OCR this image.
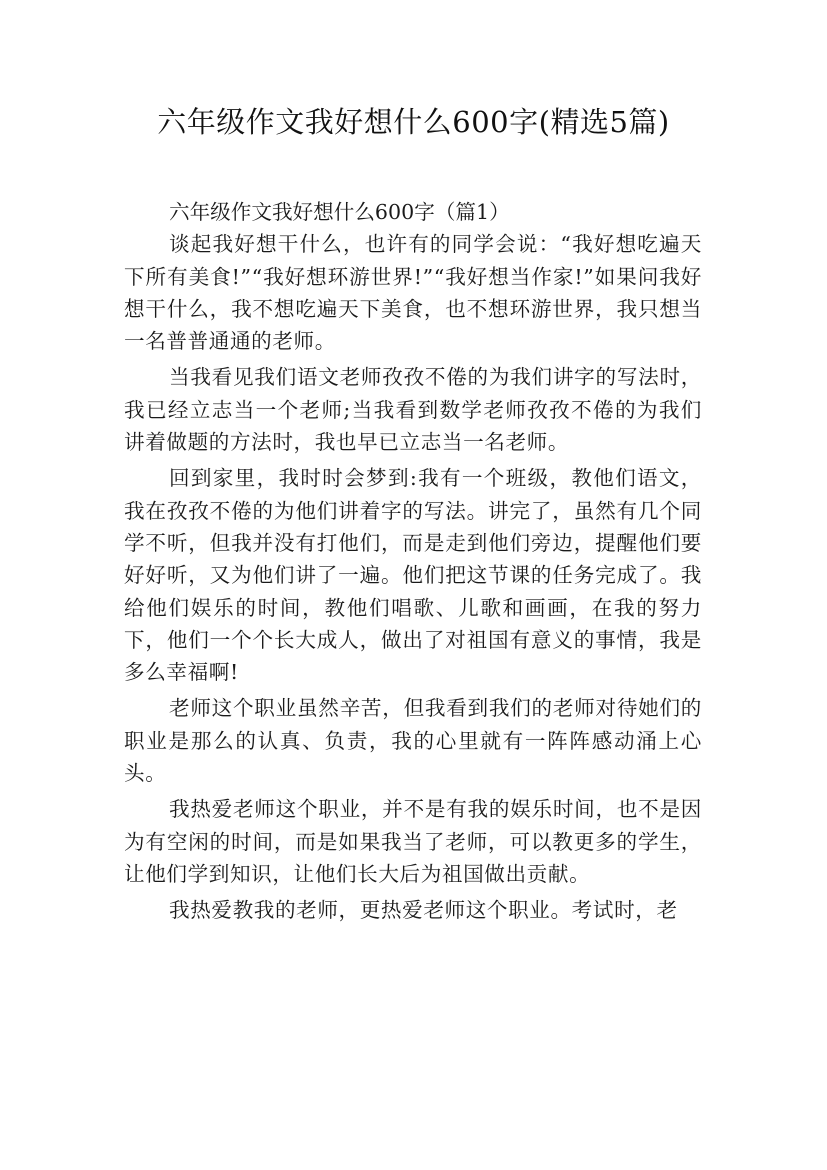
六年级作文我好想什么600字(精选5篇)

六年级作文我好想什么600字（篇1）

谈起我好想干什么，也许有的同学会说：“我好想吃遍天下所有美食!”“我好想环游世界!”“我好想当作家!”如果问我好想干什么，我不想吃遍天下美食，也不想环游世界，我只想当一名普普通通的老师。

当我看见我们语文老师孜孜不倦的为我们讲字的写法时，我已经立志当一个老师;当我看到数学老师孜孜不倦的为我们讲着做题的方法时，我也早已立志当一名老师。

回到家里，我时时会梦到:我有一个班级，教他们语文，我在孜孜不倦的为他们讲着字的写法。讲完了，虽然有几个同学不听，但我并没有打他们，而是走到他们旁边，提醒他们要好好听，又为他们讲了一遍。他们把这节课的任务完成了。我给他们娱乐的时间，教他们唱歌、儿歌和画画，在我的努力下，他们一个个长大成人，做出了对祖国有意义的事情，我是多么幸福啊!

老师这个职业虽然辛苦，但我看到我们的老师对待她们的职业是那么的认真、负责，我的心里就有一阵阵感动涌上心头。

我热爱老师这个职业，并不是有我的娱乐时间，也不是因为有空闲的时间，而是如果我当了老师，可以教更多的学生，让他们学到知识，让他们长大后为祖国做出贡献。

我热爱教我的老师，更热爱老师这个职业。考试时，老
